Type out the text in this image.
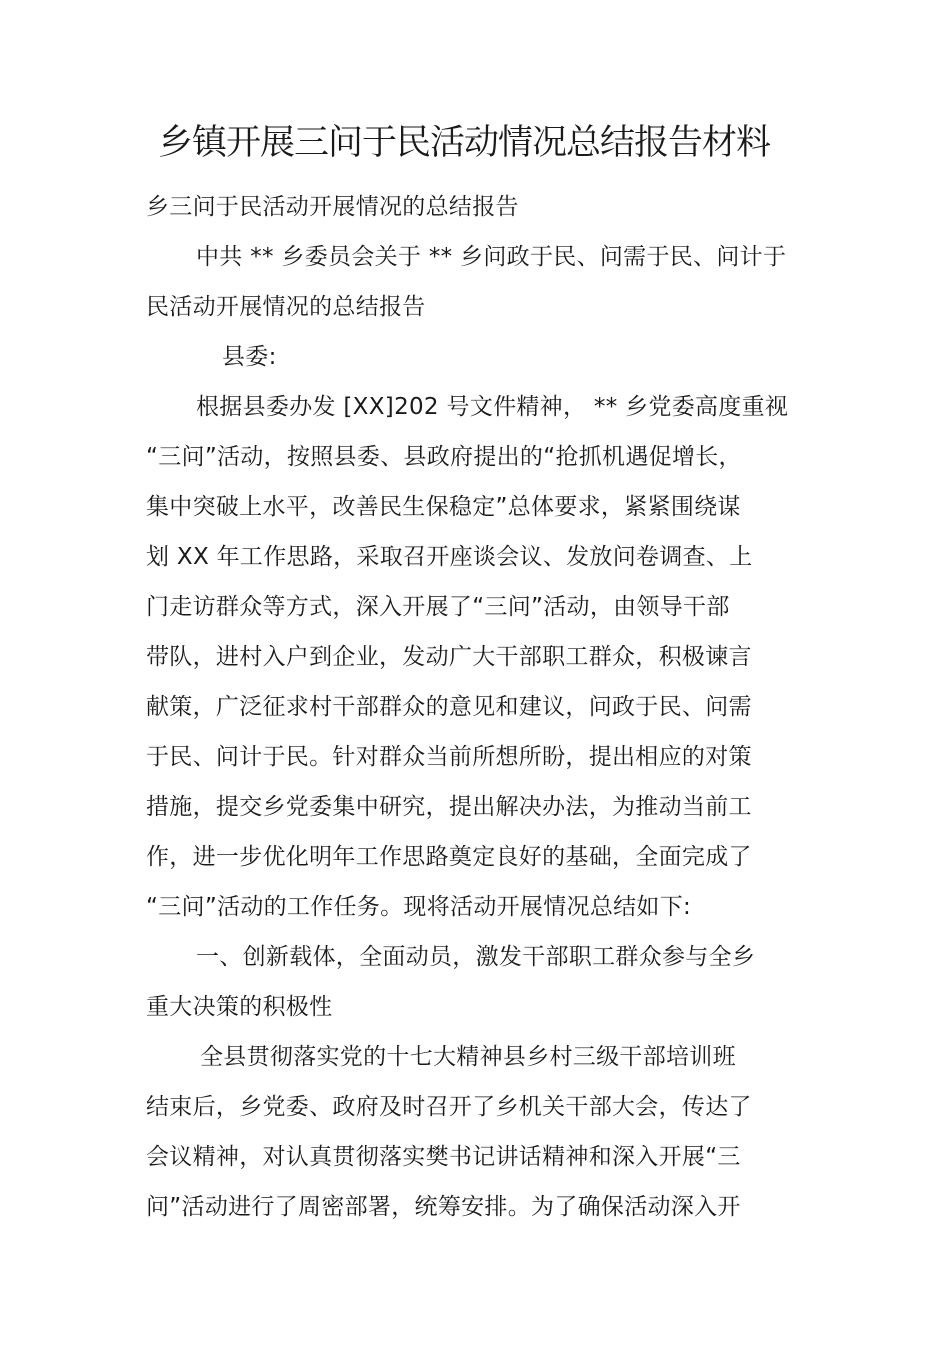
乡镇开展三问于民活动情况总结报告材料
乡三问于民活动开展情况的总结报告
中共 ** 乡委员会关于 ** 乡问政于民、问需于民、问计于
民活动开展情况的总结报告
县委:
根据县委办发 [XX]202 号文件精神， ** 乡党委高度重视
“三问”活动，按照县委、县政府提出的“抢抓机遇促增长，
集中突破上水平，改善民生保稳定”总体要求，紧紧围绕谋
划 XX 年工作思路，采取召开座谈会议、发放问卷调查、上
门走访群众等方式，深入开展了“三问”活动，由领导干部
带队，进村入户到企业，发动广大干部职工群众，积极谏言
献策，广泛征求村干部群众的意见和建议，问政于民、问需
于民、问计于民。针对群众当前所想所盼，提出相应的对策
措施，提交乡党委集中研究，提出解决办法，为推动当前工
作，进一步优化明年工作思路奠定良好的基础，全面完成了
“三问”活动的工作任务。现将活动开展情况总结如下:
一、创新载体，全面动员，激发干部职工群众参与全乡
重大决策的积极性
全县贯彻落实党的十七大精神县乡村三级干部培训班
结束后，乡党委、政府及时召开了乡机关干部大会，传达了
会议精神，对认真贯彻落实樊书记讲话精神和深入开展“三
问”活动进行了周密部署，统筹安排。为了确保活动深入开
